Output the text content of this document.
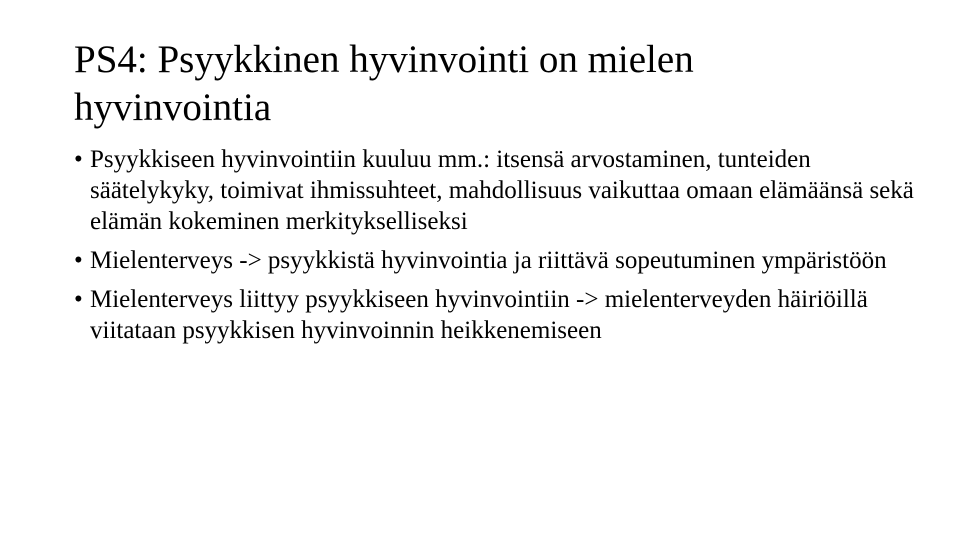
PS4: Psyykkinen hyvinvointi on mielen hyvinvointia
• Psyykkiseen hyvinvointiin kuuluu mm.: itsensä arvostaminen, tunteiden säätelykyky, toimivat ihmissuhteet, mahdollisuus vaikuttaa omaan elämäänsä sekä elämän kokeminen merkitykselliseksi
• Mielenterveys -> psyykkistä hyvinvointia ja riittävä sopeutuminen ympäristöön
• Mielenterveys liittyy psyykkiseen hyvinvointiin -> mielenterveyden häiriöillä viitataan psyykkisen hyvinvoinnin heikkenemiseen
